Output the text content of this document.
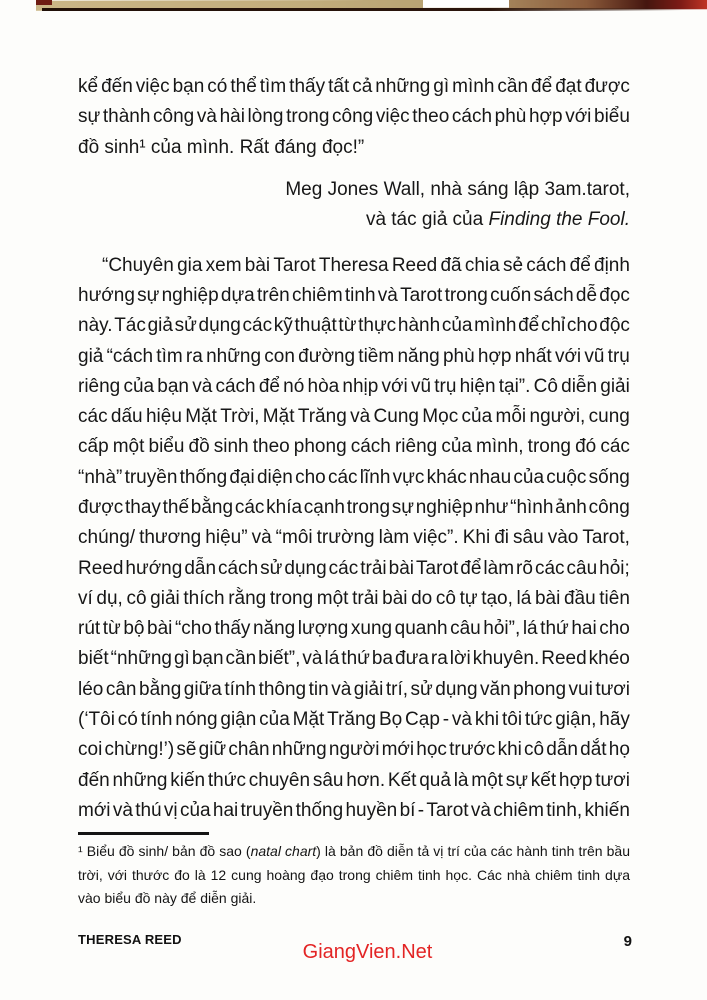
kể đến việc bạn có thể tìm thấy tất cả những gì mình cần để đạt được
sự thành công và hài lòng trong công việc theo cách phù hợp với biểu
đồ sinh¹ của mình. Rất đáng đọc!”
Meg Jones Wall, nhà sáng lập 3am.tarot,
và tác giả của Finding the Fool.
“Chuyên gia xem bài Tarot Theresa Reed đã chia sẻ cách để định
hướng sự nghiệp dựa trên chiêm tinh và Tarot trong cuốn sách dễ đọc
này. Tác giả sử dụng các kỹ thuật từ thực hành của mình để chỉ cho độc
giả “cách tìm ra những con đường tiềm năng phù hợp nhất với vũ trụ
riêng của bạn và cách để nó hòa nhịp với vũ trụ hiện tại”. Cô diễn giải
các dấu hiệu Mặt Trời, Mặt Trăng và Cung Mọc của mỗi người, cung
cấp một biểu đồ sinh theo phong cách riêng của mình, trong đó các
“nhà” truyền thống đại diện cho các lĩnh vực khác nhau của cuộc sống
được thay thế bằng các khía cạnh trong sự nghiệp như “hình ảnh công
chúng/ thương hiệu” và “môi trường làm việc”. Khi đi sâu vào Tarot,
Reed hướng dẫn cách sử dụng các trải bài Tarot để làm rõ các câu hỏi;
ví dụ, cô giải thích rằng trong một trải bài do cô tự tạo, lá bài đầu tiên
rút từ bộ bài “cho thấy năng lượng xung quanh câu hỏi”, lá thứ hai cho
biết “những gì bạn cần biết”, và lá thứ ba đưa ra lời khuyên. Reed khéo
léo cân bằng giữa tính thông tin và giải trí, sử dụng văn phong vui tươi
(‘Tôi có tính nóng giận của Mặt Trăng Bọ Cạp - và khi tôi tức giận, hãy
coi chừng!’) sẽ giữ chân những người mới học trước khi cô dẫn dắt họ
đến những kiến thức chuyên sâu hơn. Kết quả là một sự kết hợp tươi
mới và thú vị của hai truyền thống huyền bí - Tarot và chiêm tinh, khiến
¹ Biểu đồ sinh/ bản đồ sao (natal chart) là bản đồ diễn tả vị trí của các hành tinh trên bầu trời, với thước đo là 12 cung hoàng đạo trong chiêm tinh học. Các nhà chiêm tinh dựa vào biểu đồ này để diễn giải.
THERESA REED
GiangVien.Net	9
